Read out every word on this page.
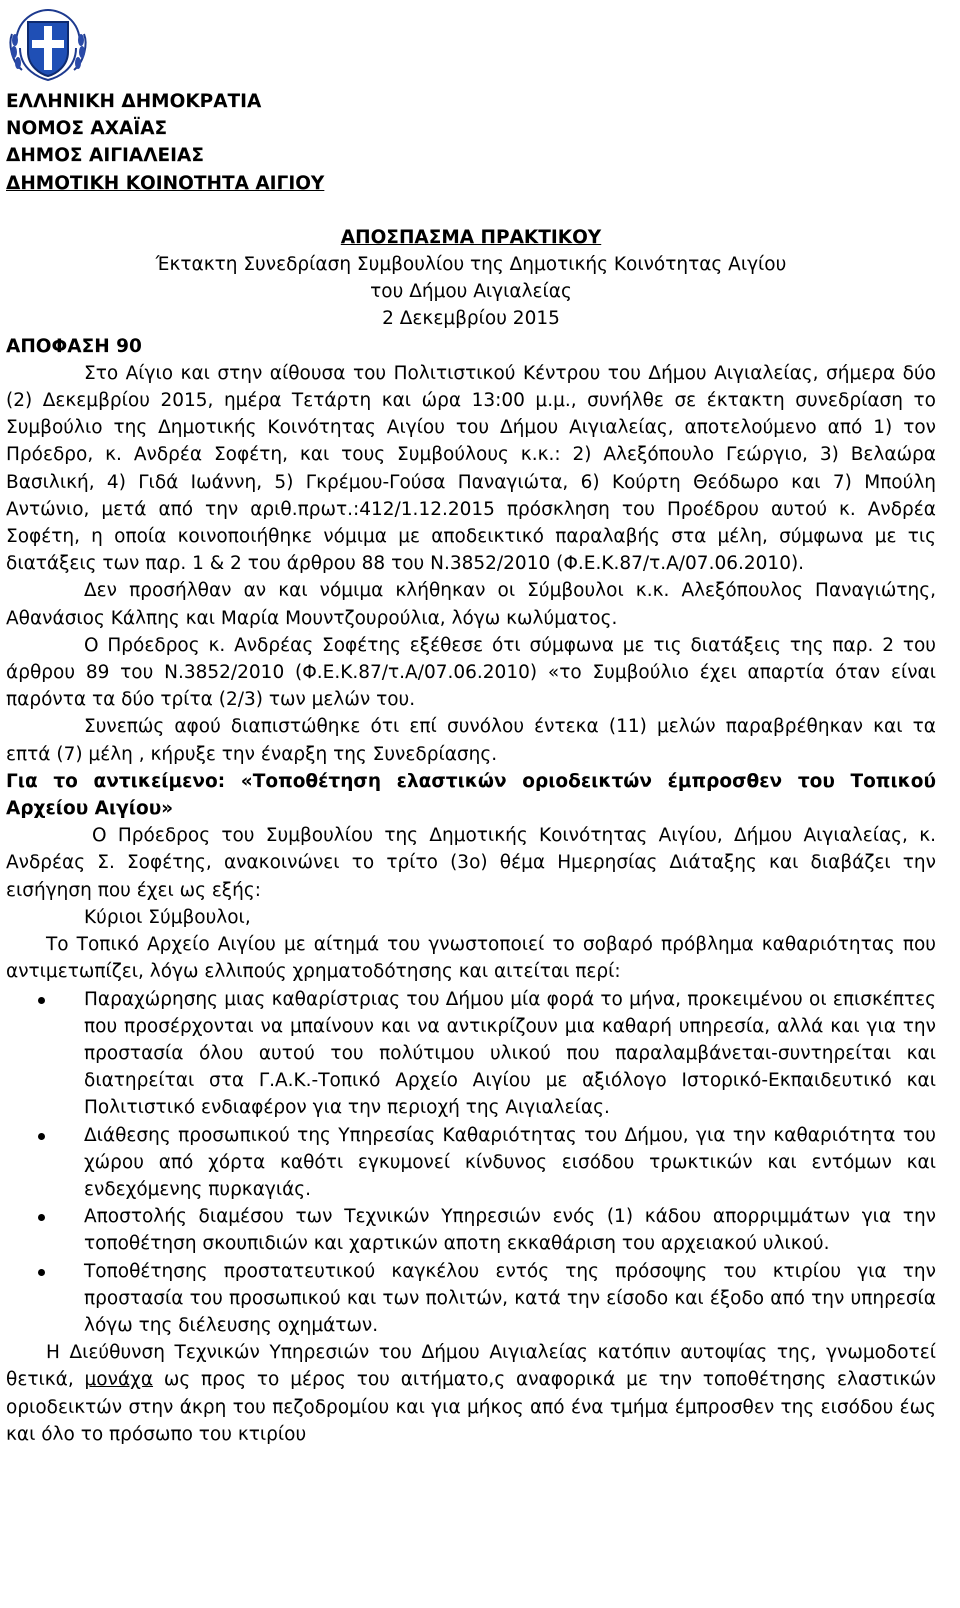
ΕΛΛΗΝΙΚΗ ΔΗΜΟΚΡΑΤΙΑ

ΝΟΜΟΣ ΑΧΑΪΑΣ

ΔΗΜΟΣ ΑΙΓΙΑΛΕΙΑΣ

ΔΗΜΟΤΙΚΗ ΚΟΙΝΟΤΗΤΑ ΑΙΓΙΟΥ

ΑΠΟΣΠΑΣΜΑ ΠΡΑΚΤΙΚΟΥ

Έκτακτη Συνεδρίαση Συμβουλίου της Δημοτικής Κοινότητας Αιγίου

του Δήμου Αιγιαλείας

2 Δεκεμβρίου 2015

ΑΠΟΦΑΣΗ 90

Στο Αίγιο και στην αίθουσα του Πολιτιστικού Κέντρου του Δήμου Αιγιαλείας, σήμερα δύο (2) Δεκεμβρίου 2015, ημέρα Τετάρτη και ώρα 13:00 μ.μ., συνήλθε σε έκτακτη συνεδρίαση το Συμβούλιο της Δημοτικής Κοινότητας Αιγίου του Δήμου Αιγιαλείας, αποτελούμενο από 1) τον Πρόεδρο, κ. Ανδρέα Σοφέτη, και τους Συμβούλους κ.κ.: 2) Αλεξόπουλο Γεώργιο, 3) Βελαώρα Βασιλική, 4) Γιδά Ιωάννη, 5) Γκρέμου-Γούσα Παναγιώτα, 6) Κούρτη Θεόδωρο και 7) Μπούλη Αντώνιο, μετά από την αριθ.πρωτ.:412/1.12.2015 πρόσκληση του Προέδρου αυτού κ. Ανδρέα Σοφέτη, η οποία κοινοποιήθηκε νόμιμα με αποδεικτικό παραλαβής στα μέλη, σύμφωνα με τις διατάξεις των παρ. 1 & 2 του άρθρου 88 του Ν.3852/2010 (Φ.Ε.Κ.87/τ.Α/07.06.2010).

Δεν προσήλθαν αν και νόμιμα κλήθηκαν οι Σύμβουλοι κ.κ. Αλεξόπουλος Παναγιώτης, Αθανάσιος Κάλπης και Μαρία Μουντζουρούλια, λόγω κωλύματος.

Ο Πρόεδρος κ. Ανδρέας Σοφέτης εξέθεσε ότι σύμφωνα με τις διατάξεις της παρ. 2 του άρθρου 89 του Ν.3852/2010 (Φ.Ε.Κ.87/τ.Α/07.06.2010) «το Συμβούλιο έχει απαρτία όταν είναι παρόντα τα δύο τρίτα (2/3) των μελών του.

Συνεπώς αφού διαπιστώθηκε ότι επί συνόλου έντεκα (11) μελών παραβρέθηκαν και τα επτά (7) μέλη , κήρυξε την έναρξη της Συνεδρίασης.

Για το αντικείμενο: «Τοποθέτηση ελαστικών οριοδεικτών έμπροσθεν του Τοπικού Αρχείου Αιγίου»

Ο Πρόεδρος του Συμβουλίου της Δημοτικής Κοινότητας Αιγίου, Δήμου Αιγιαλείας, κ. Ανδρέας Σ. Σοφέτης, ανακοινώνει το τρίτο (3ο) θέμα Ημερησίας Διάταξης και διαβάζει την εισήγηση που έχει ως εξής:

Κύριοι Σύμβουλοι,

Το Τοπικό Αρχείο Αιγίου με αίτημά του γνωστοποιεί το σοβαρό πρόβλημα καθαριότητας που αντιμετωπίζει, λόγω ελλιπούς χρηματοδότησης και αιτείται περί:

Παραχώρησης μιας καθαρίστριας του Δήμου μία φορά το μήνα, προκειμένου οι επισκέπτες που προσέρχονται να μπαίνουν και να αντικρίζουν μια καθαρή υπηρεσία, αλλά και για την προστασία όλου αυτού του πολύτιμου υλικού που παραλαμβάνεται-συντηρείται και διατηρείται στα Γ.Α.Κ.-Τοπικό Αρχείο Αιγίου με αξιόλογο Ιστορικό-Εκπαιδευτικό και Πολιτιστικό ενδιαφέρον για την περιοχή της Αιγιαλείας.
Διάθεσης προσωπικού της Υπηρεσίας Καθαριότητας του Δήμου, για την καθαριότητα του χώρου από χόρτα καθότι εγκυμονεί κίνδυνος εισόδου τρωκτικών και εντόμων και ενδεχόμενης πυρκαγιάς.
Αποστολής διαμέσου των Τεχνικών Υπηρεσιών ενός (1) κάδου απορριμμάτων για την τοποθέτηση σκουπιδιών και χαρτικών αποτη εκκαθάριση του αρχειακού υλικού.
Τοποθέτησης προστατευτικού καγκέλου εντός της πρόσοψης του κτιρίου για την προστασία του προσωπικού και των πολιτών, κατά την είσοδο και έξοδο από την υπηρεσία λόγω της διέλευσης οχημάτων.

Η Διεύθυνση Τεχνικών Υπηρεσιών του Δήμου Αιγιαλείας κατόπιν αυτοψίας της, γνωμοδοτεί θετικά, μονάχα ως προς το μέρος του αιτήματο,ς αναφορικά με την τοποθέτησης ελαστικών οριοδεικτών στην άκρη του πεζοδρομίου και για μήκος από ένα τμήμα έμπροσθεν της εισόδου έως και όλο το πρόσωπο του κτιρίου
